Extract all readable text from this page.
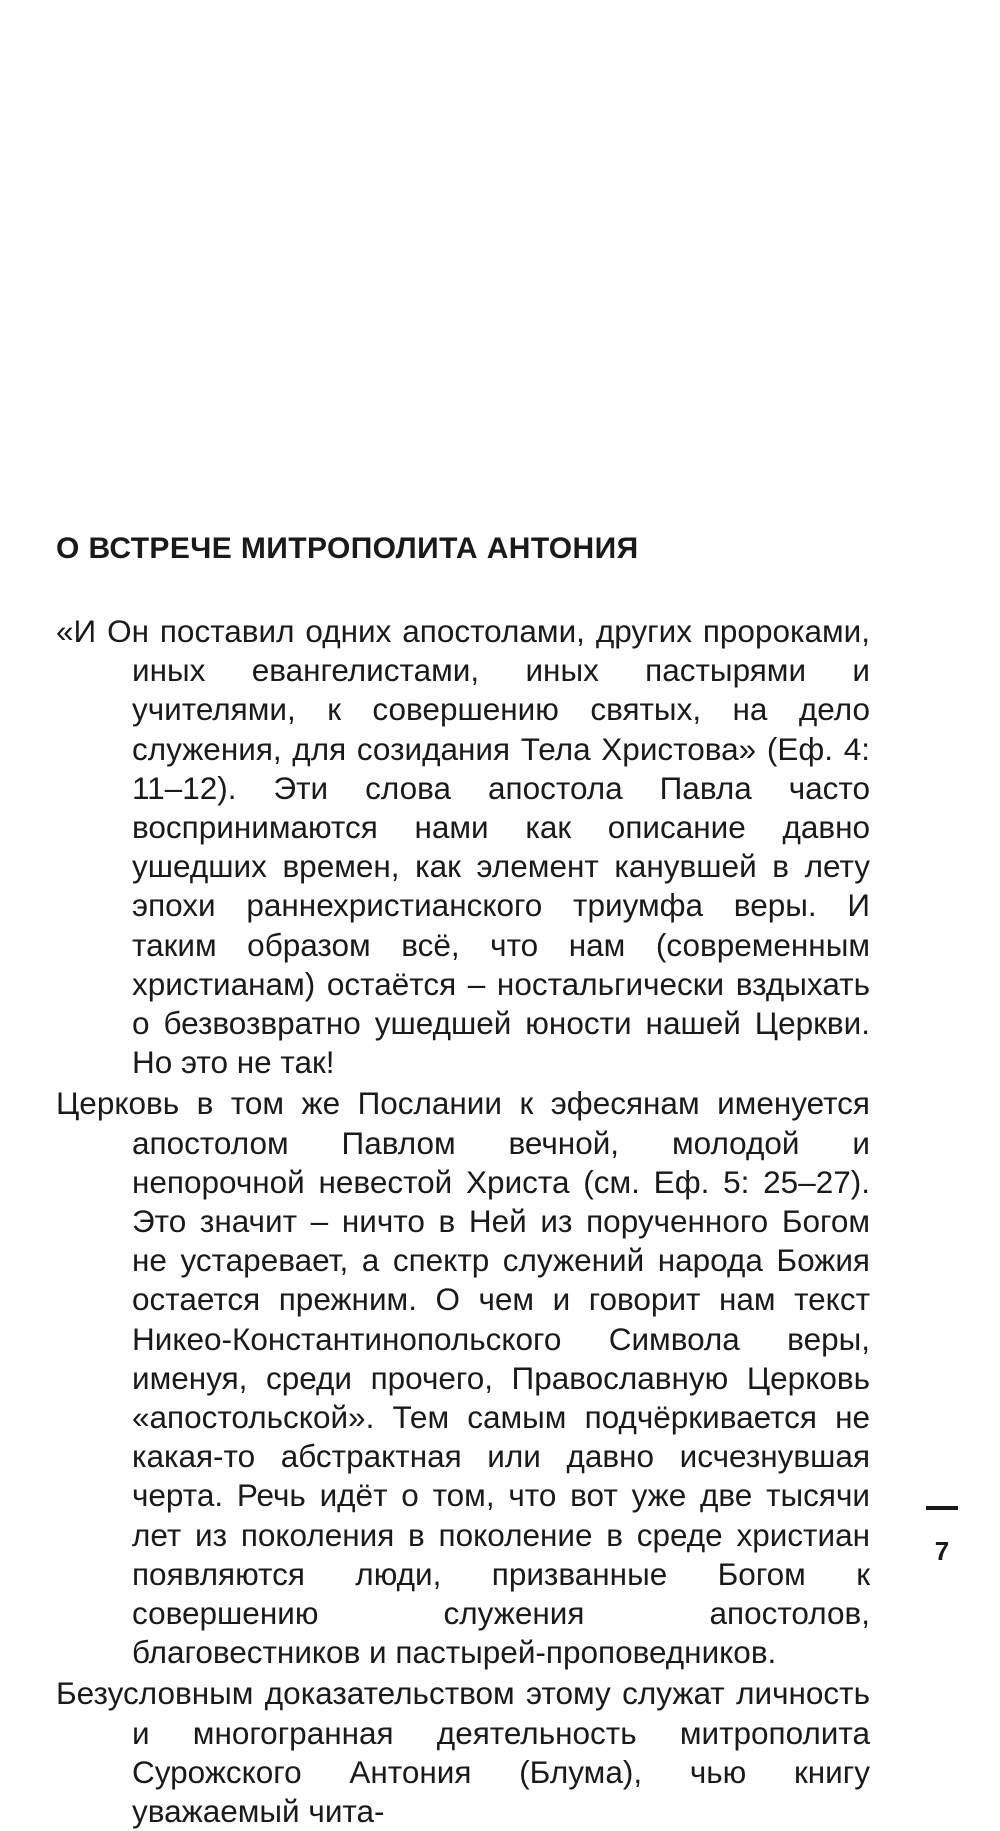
О ВСТРЕЧЕ МИТРОПОЛИТА АНТОНИЯ

«И Он поставил одних апостолами, других пророками, иных евангелистами, иных пастырями и учителями, к совершению святых, на дело служения, для созидания Тела Христова» (Еф. 4: 11–12). Эти слова апостола Павла часто воспринимаются нами как описание давно ушедших времен, как элемент канувшей в лету эпохи раннехристианского триумфа веры. И таким образом всё, что нам (современным христианам) остаётся – ностальгически вздыхать о безвозвратно ушедшей юности нашей Церкви. Но это не так!

Церковь в том же Послании к эфесянам именуется апостолом Павлом вечной, молодой и непорочной невестой Христа (см. Еф. 5: 25–27). Это значит – ничто в Ней из порученного Богом не устаревает, а спектр служений народа Божия остается прежним. О чем и говорит нам текст Никео-Константинопольского Символа веры, именуя, среди прочего, Православную Церковь «апостольской». Тем самым подчёркивается не какая-то абстрактная или давно исчезнувшая черта. Речь идёт о том, что вот уже две тысячи лет из поколения в поколение в среде христиан появляются люди, призванные Богом к совершению служения апостолов, благовестников и пастырей-проповедников.

Безусловным доказательством этому служат личность и многогранная деятельность митрополита Сурожского Антония (Блума), чью книгу уважаемый чита-

7
